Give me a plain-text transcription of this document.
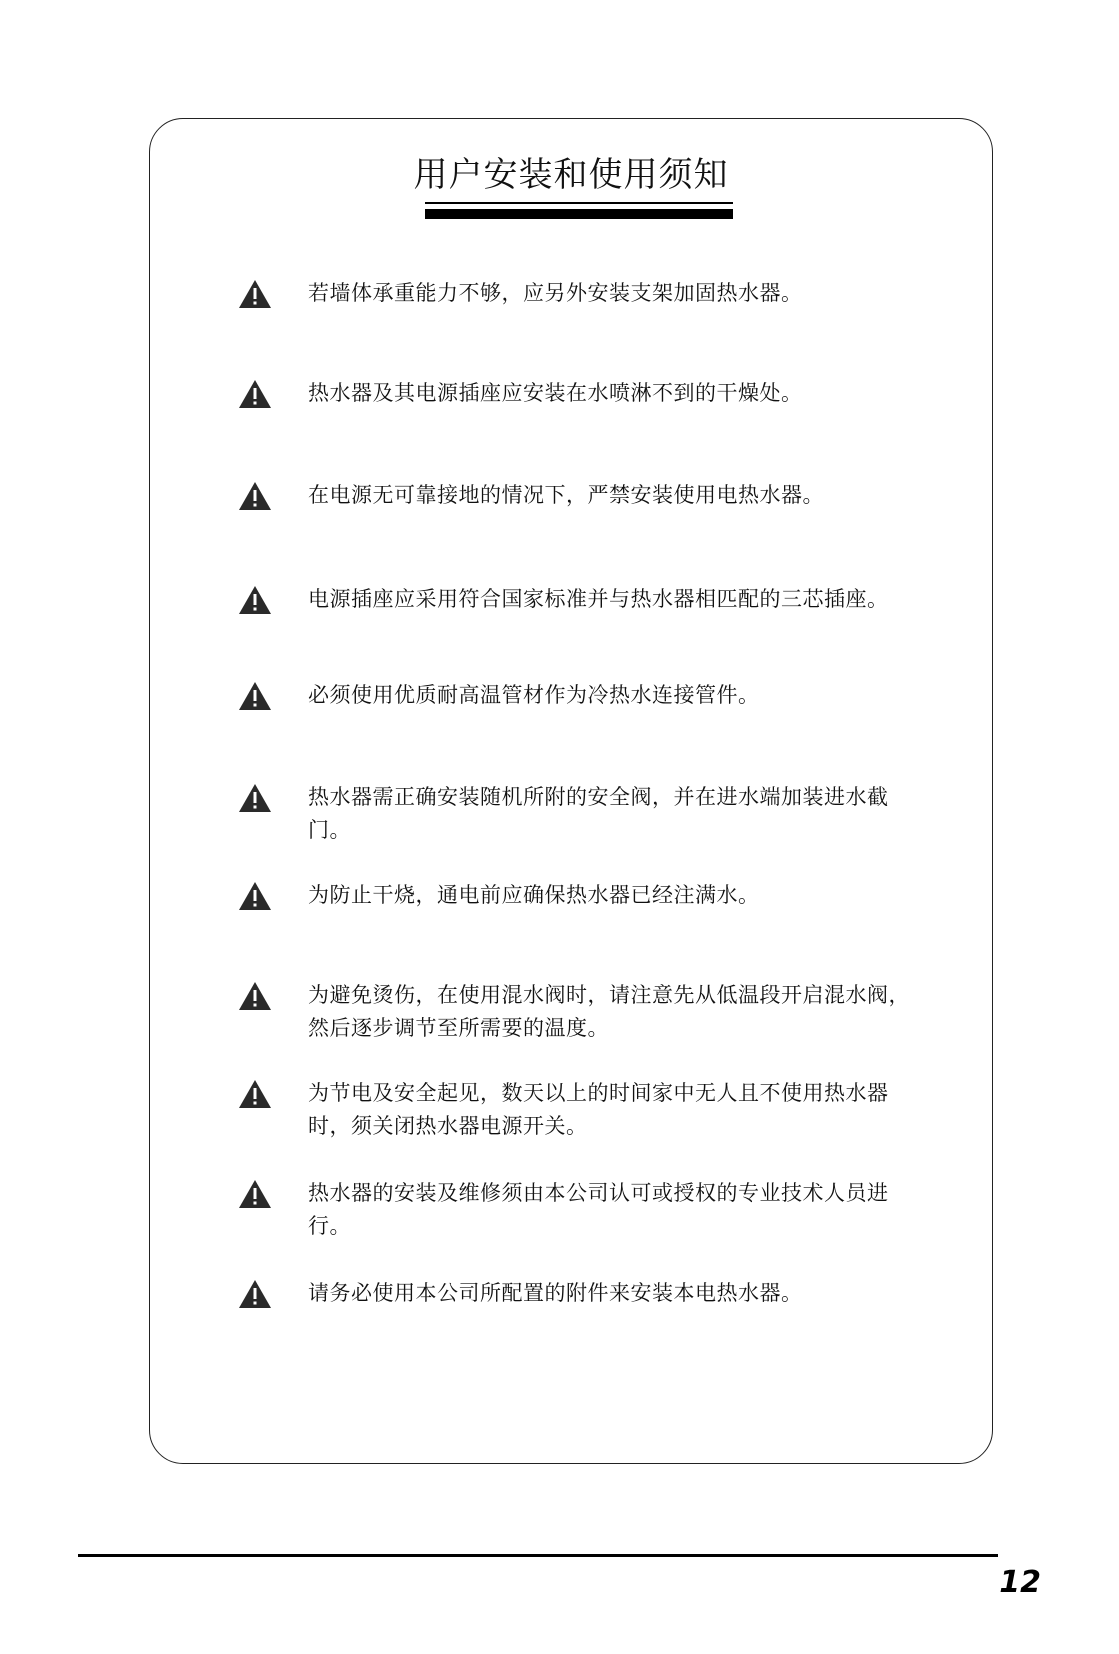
用户安装和使用须知
若墙体承重能力不够，应另外安装支架加固热水器。
热水器及其电源插座应安装在水喷淋不到的干燥处。
在电源无可靠接地的情况下，严禁安装使用电热水器。
电源插座应采用符合国家标准并与热水器相匹配的三芯插座。
必须使用优质耐高温管材作为冷热水连接管件。
热水器需正确安装随机所附的安全阀，并在进水端加装进水截门。
为防止干烧，通电前应确保热水器已经注满水。
为避免烫伤，在使用混水阀时，请注意先从低温段开启混水阀，然后逐步调节至所需要的温度。
为节电及安全起见，数天以上的时间家中无人且不使用热水器时，须关闭热水器电源开关。
热水器的安装及维修须由本公司认可或授权的专业技术人员进行。
请务必使用本公司所配置的附件来安装本电热水器。
12
